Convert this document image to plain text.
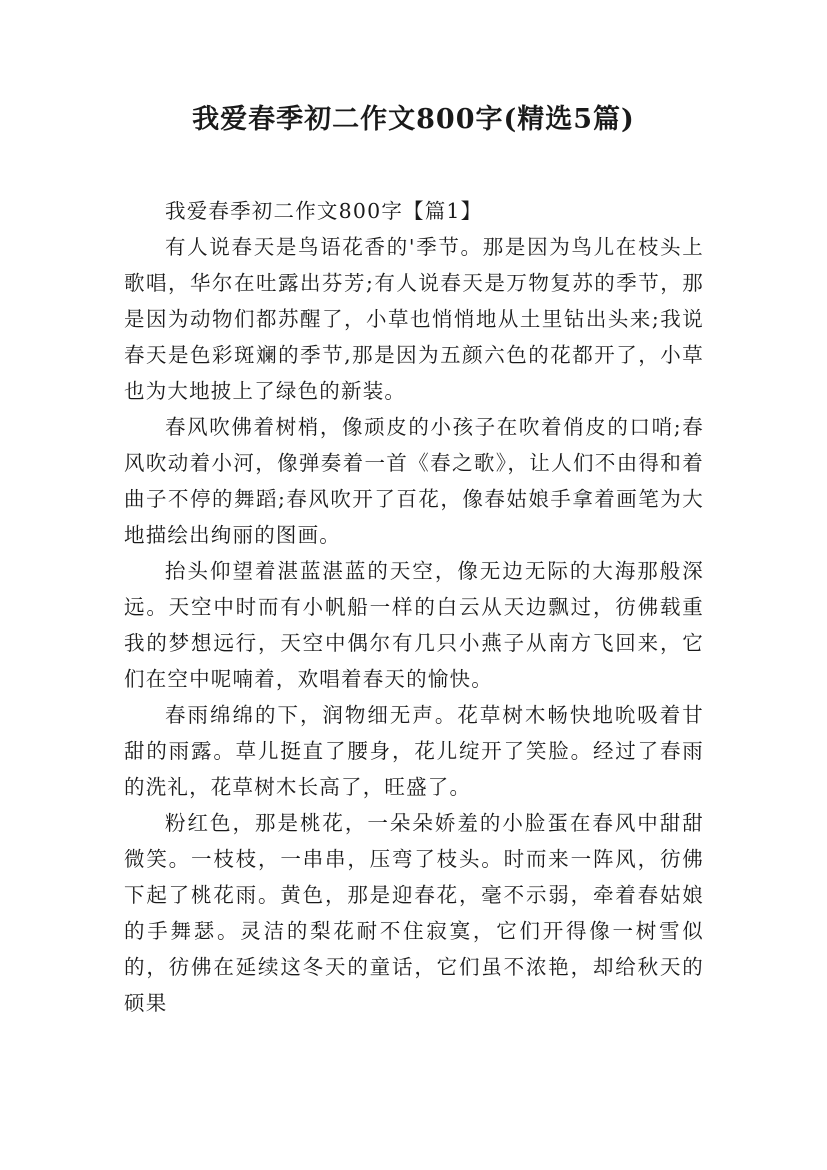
我爱春季初二作文800字(精选5篇)

我爱春季初二作文800字【篇1】

有人说春天是鸟语花香的'季节。那是因为鸟儿在枝头上歌唱，华尔在吐露出芬芳;有人说春天是万物复苏的季节，那是因为动物们都苏醒了，小草也悄悄地从土里钻出头来;我说春天是色彩斑斓的季节,那是因为五颜六色的花都开了，小草也为大地披上了绿色的新装。

春风吹佛着树梢，像顽皮的小孩子在吹着俏皮的口哨;春风吹动着小河，像弹奏着一首《春之歌》，让人们不由得和着曲子不停的舞蹈;春风吹开了百花，像春姑娘手拿着画笔为大地描绘出绚丽的图画。

抬头仰望着湛蓝湛蓝的天空，像无边无际的大海那般深远。天空中时而有小帆船一样的白云从天边飘过，彷佛载重我的梦想远行，天空中偶尔有几只小燕子从南方飞回来，它们在空中呢喃着，欢唱着春天的愉快。

春雨绵绵的下，润物细无声。花草树木畅快地吮吸着甘甜的雨露。草儿挺直了腰身，花儿绽开了笑脸。经过了春雨的洗礼，花草树木长高了，旺盛了。

粉红色，那是桃花，一朵朵娇羞的小脸蛋在春风中甜甜微笑。一枝枝，一串串，压弯了枝头。时而来一阵风，彷佛下起了桃花雨。黄色，那是迎春花，毫不示弱，牵着春姑娘的手舞瑟。灵洁的梨花耐不住寂寞，它们开得像一树雪似的，彷佛在延续这冬天的童话，它们虽不浓艳，却给秋天的硕果
